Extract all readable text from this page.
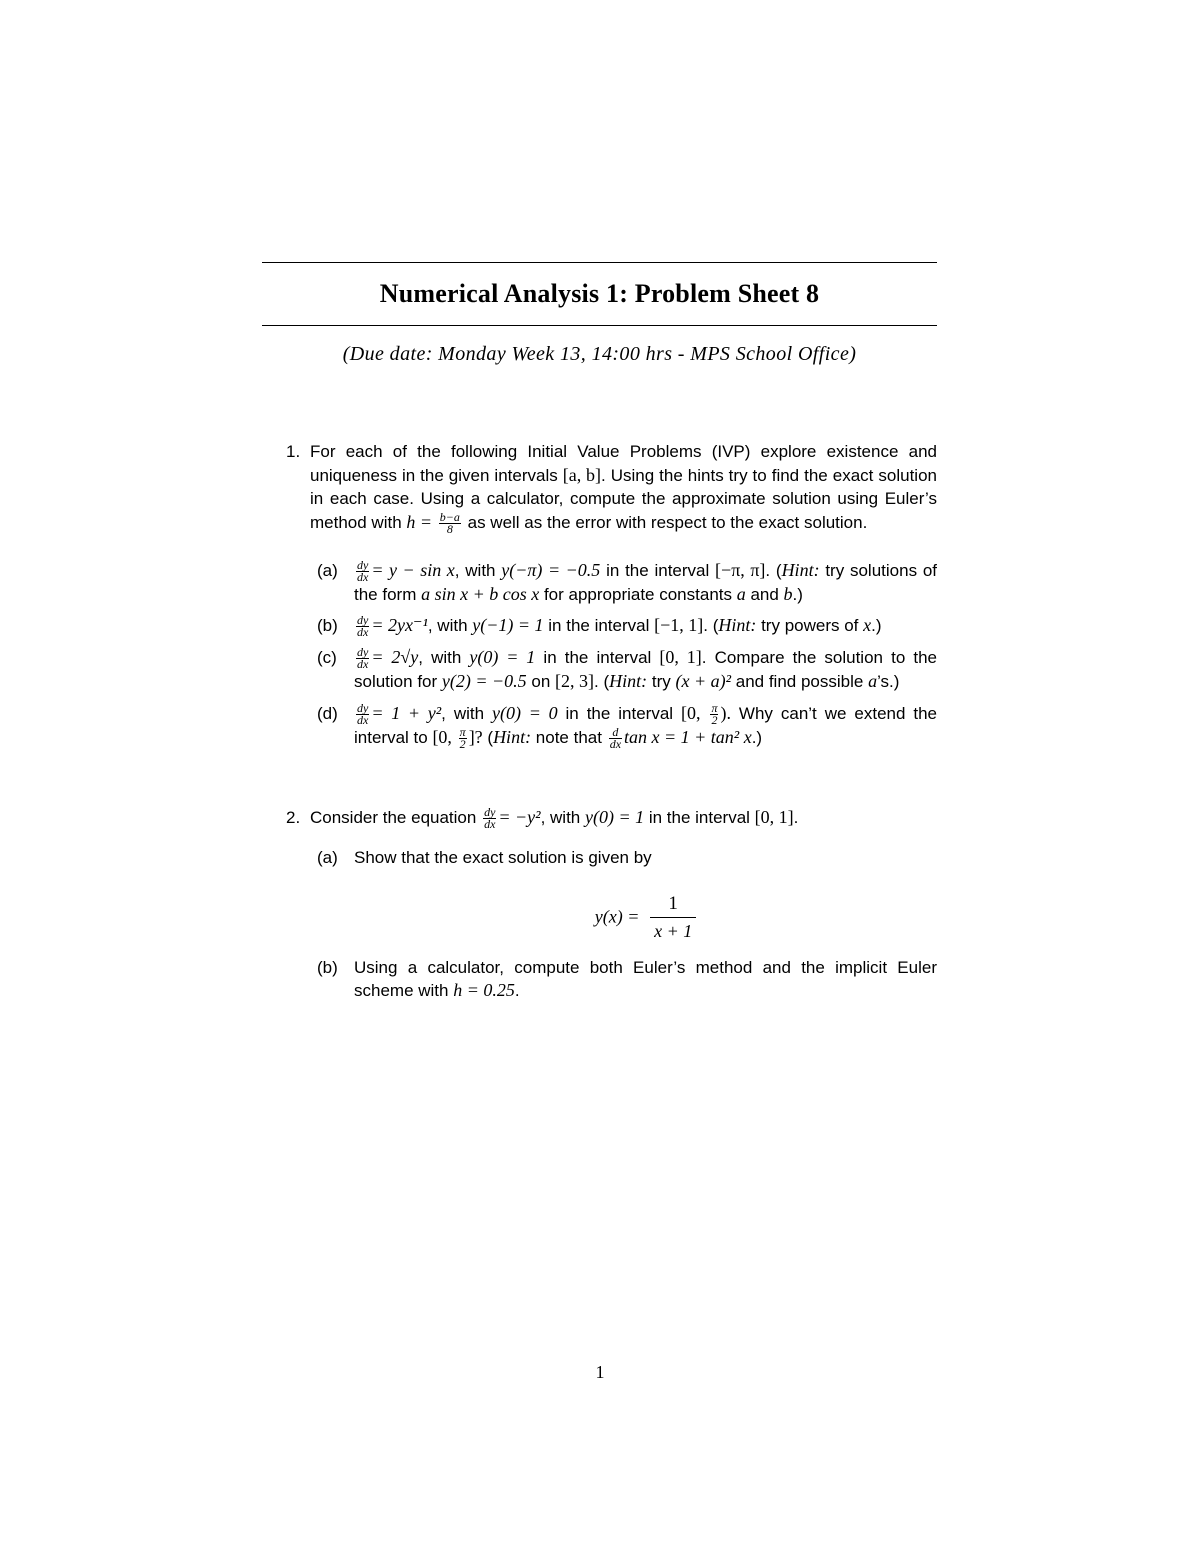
Numerical Analysis 1: Problem Sheet 8
(Due date: Monday Week 13, 14:00 hrs - MPS School Office)
1. For each of the following Initial Value Problems (IVP) explore existence and uniqueness in the given intervals [a, b]. Using the hints try to find the exact solution in each case. Using a calculator, compute the approximate solution using Euler’s method with $h = \frac{b-a}{8}$ as well as the error with respect to the exact solution.
$(a) \frac{dy}{dx} = y - \sin x$, with y(−π) = −0.5 in the interval [−π, π]. (Hint: try solutions of the form a sin x + b cos x for appropriate constants a and b.)
$(b) \frac{dy}{dx} = 2yx^{-1}$, with y(−1) = 1 in the interval [−1, 1]. (Hint: try powers of x.)
$(c) \frac{dy}{dx} = 2√y$, with y(0) = 1 in the interval [0, 1]. Compare the solution to the solution for y(2) = −0.5 on [2, 3]. (Hint: try (x + a)² and find possible a’s.)
$(d) \frac{dy}{dx} = 1 + y^2$, with y(0) = 0 in the interval [0, $\frac{\pi}{2}$ ). Why can’t we extend the interval to [0, $\frac{\pi}{2}$ ]? (Hint: note that $\frac{d}{dx}$ tan x = 1 + tan² x.)
2. Consider the equation $\frac{dy}{dx} = -y^2$, with y(0) = 1 in the interval [0, 1].
(a) Show that the exact solution is given by
$y(x) = \frac{1}{x + 1}$
(b) Using a calculator, compute both Euler’s method and the implicit Euler scheme with h = 0.25.
1
